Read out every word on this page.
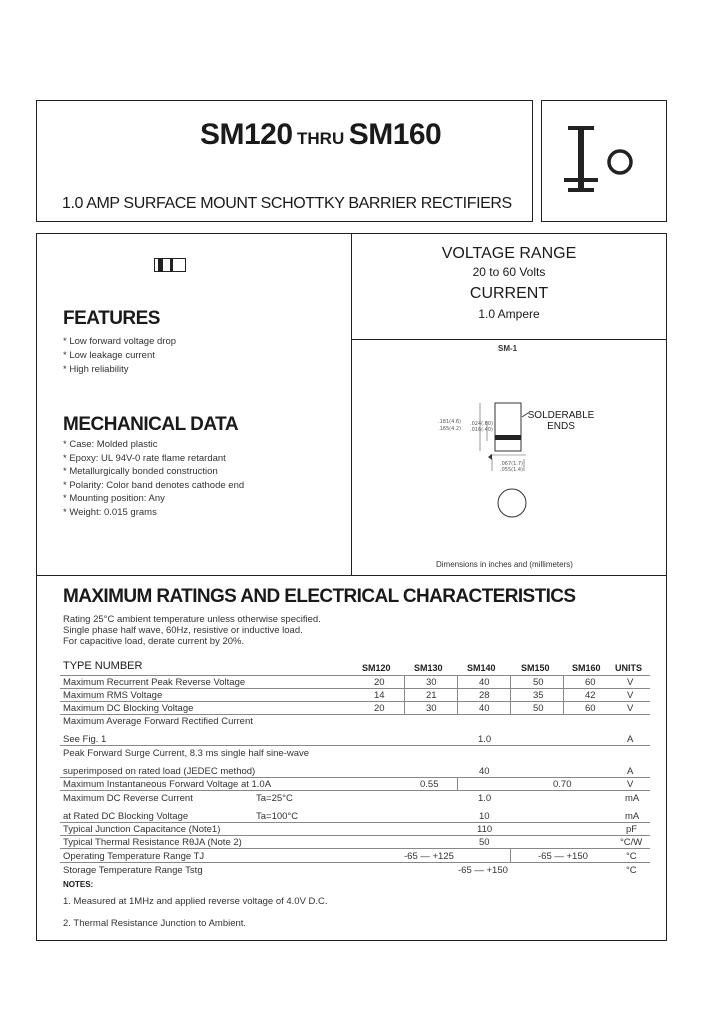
SM120 THRU SM160
1.0 AMP SURFACE MOUNT SCHOTTKY BARRIER RECTIFIERS
FEATURES
* Low forward voltage drop
* Low leakage current
* High reliability
MECHANICAL DATA
* Case: Molded plastic
* Epoxy: UL 94V-0 rate flame retardant
* Metallurgically bonded construction
* Polarity: Color band denotes cathode end
* Mounting position: Any
* Weight: 0.015 grams
VOLTAGE RANGE
20 to 60 Volts
CURRENT
1.0 Ampere
SM-1
.181(4.6)
.165(4.2)
.024(.60)
.016(.40)
.067(1.7)
.055(1.4)
SOLDERABLE
ENDS
Dimensions in inches and (millimeters)
MAXIMUM RATINGS AND ELECTRICAL CHARACTERISTICS
Rating 25°C ambient temperature unless otherwise specified.
Single phase half wave, 60Hz, resistive or inductive load.
For capacitive load, derate current by 20%.
TYPE NUMBER	SM120	SM130	SM140	SM150 SM160 UNITS
Maximum Recurrent Peak Reverse Voltage	20	30	40	50	60	V
Maximum RMS Voltage	14	21	28	35	42	V
Maximum DC Blocking Voltage	20	30	40	50	60	V
Maximum Average Forward Rectified Current
See Fig. 1	1.0	A
Peak Forward Surge Current, 8.3 ms single half sine-wave
superimposed on rated load (JEDEC method)	40	A
Maximum Instantaneous Forward Voltage at 1.0A	0.55	0.70	V
Maximum DC Reverse Current	Ta=25°C	1.0	mA
at Rated DC Blocking Voltage	Ta=100°C	10	mA
Typical Junction Capacitance (Note1)	110	pF
Typical Thermal Resistance RθJA (Note 2)	50	°C/W
Operating Temperature Range TJ	-65 — +125	-65 — +150	°C
Storage Temperature Range Tstg	-65 — +150	°C
NOTES:
1. Measured at 1MHz and applied reverse voltage of 4.0V D.C.
2. Thermal Resistance Junction to Ambient.
